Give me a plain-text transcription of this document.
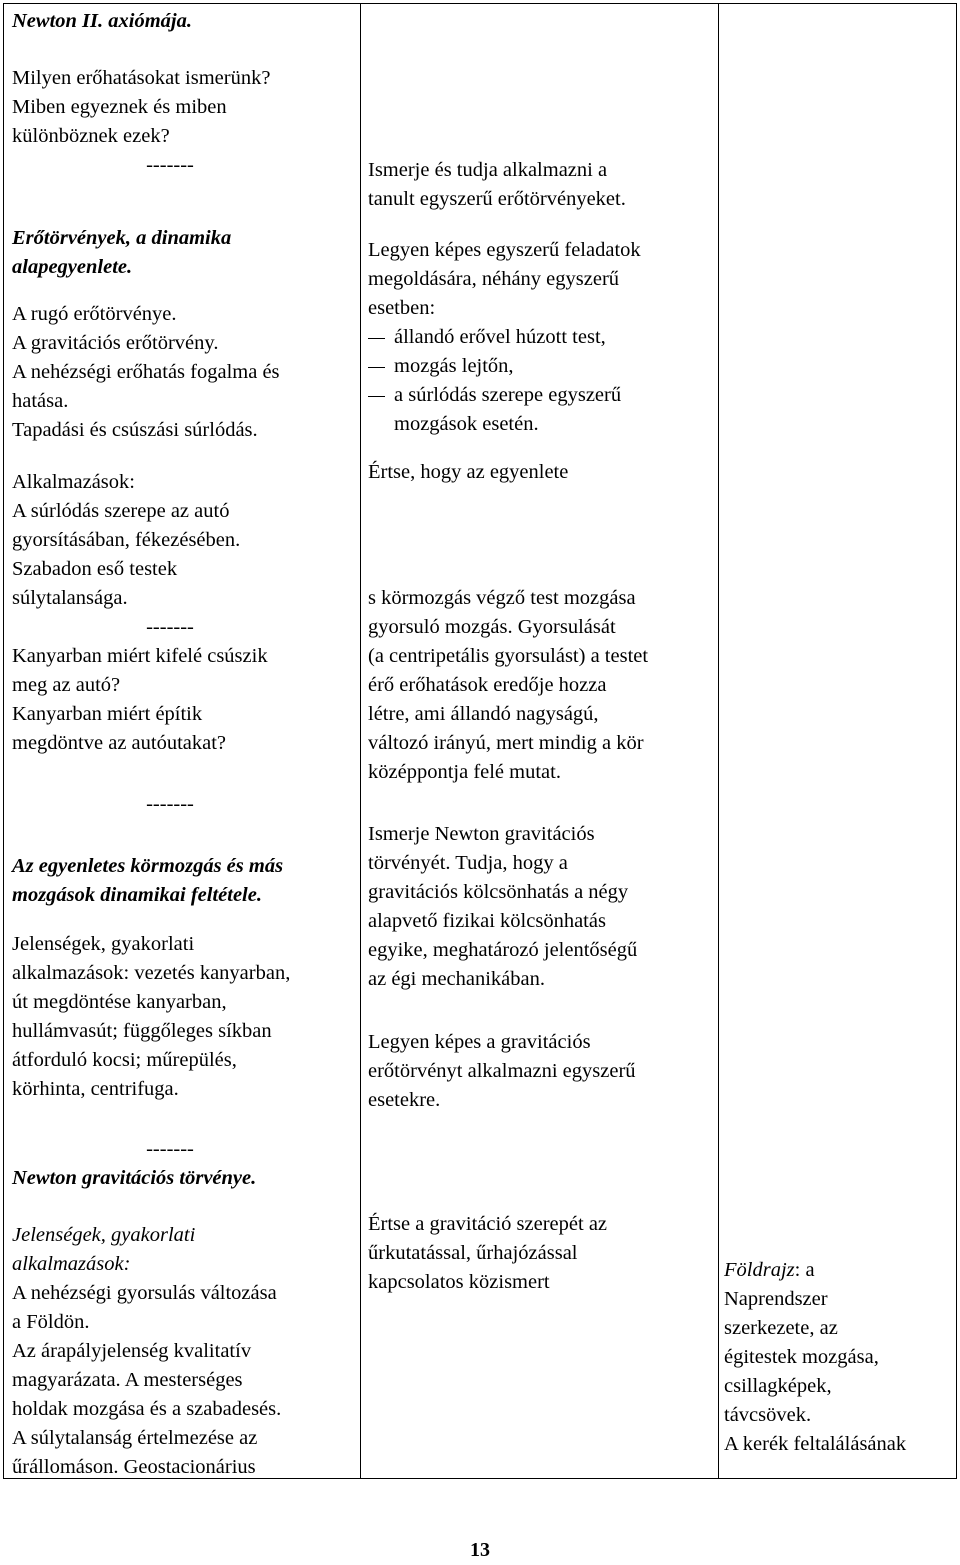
Newton II. axiómája.

Milyen erőhatásokat ismerünk?

Miben egyeznek és miben

különböznek ezek?

-------

Erőtörvények, a dinamika

alapegyenlete.

A rugó erőtörvénye.

A gravitációs erőtörvény.

A nehézségi erőhatás fogalma és

hatása.

Tapadási és csúszási súrlódás.

Alkalmazások:

A súrlódás szerepe az autó

gyorsításában, fékezésében.

Szabadon eső testek

súlytalansága.

-------

Kanyarban miért kifelé csúszik

meg az autó?

Kanyarban miért építik

megdöntve az autóutakat?

-------

Az egyenletes körmozgás és más

mozgások dinamikai feltétele.

Jelenségek, gyakorlati

alkalmazások: vezetés kanyarban,

út megdöntése kanyarban,

hullámvasút; függőleges síkban

átforduló kocsi; műrepülés,

körhinta, centrifuga.

-------

Newton gravitációs törvénye.

Jelenségek, gyakorlati

alkalmazások:

A nehézségi gyorsulás változása

a Földön.

Az árapályjelenség kvalitatív

magyarázata. A mesterséges

holdak mozgása és a szabadesés.

A súlytalanság értelmezése az

űrállomáson. Geostacionárius

Ismerje és tudja alkalmazni a

tanult egyszerű erőtörvényeket.

Legyen képes egyszerű feladatok

megoldására, néhány egyszerű

esetben:

állandó erővel húzott test,

mozgás lejtőn,

a súrlódás szerepe egyszerű

mozgások esetén.

Értse, hogy az egyenlete

s körmozgás végző test mozgása

gyorsuló mozgás. Gyorsulását

(a centripetális gyorsulást) a testet

érő erőhatások eredője hozza

létre, ami állandó nagyságú,

változó irányú, mert mindig a kör

középpontja felé mutat.

Ismerje Newton gravitációs

törvényét. Tudja, hogy a

gravitációs kölcsönhatás a négy

alapvető fizikai kölcsönhatás

egyike, meghatározó jelentőségű

az égi mechanikában.

Legyen képes a gravitációs

erőtörvényt alkalmazni egyszerű

esetekre.

Értse a gravitáció szerepét az

űrkutatással, űrhajózással

kapcsolatos közismert

Földrajz: a

Naprendszer

szerkezete, az

égitestek mozgása,

csillagképek,

távcsövek.

A kerék feltalálásának

13
